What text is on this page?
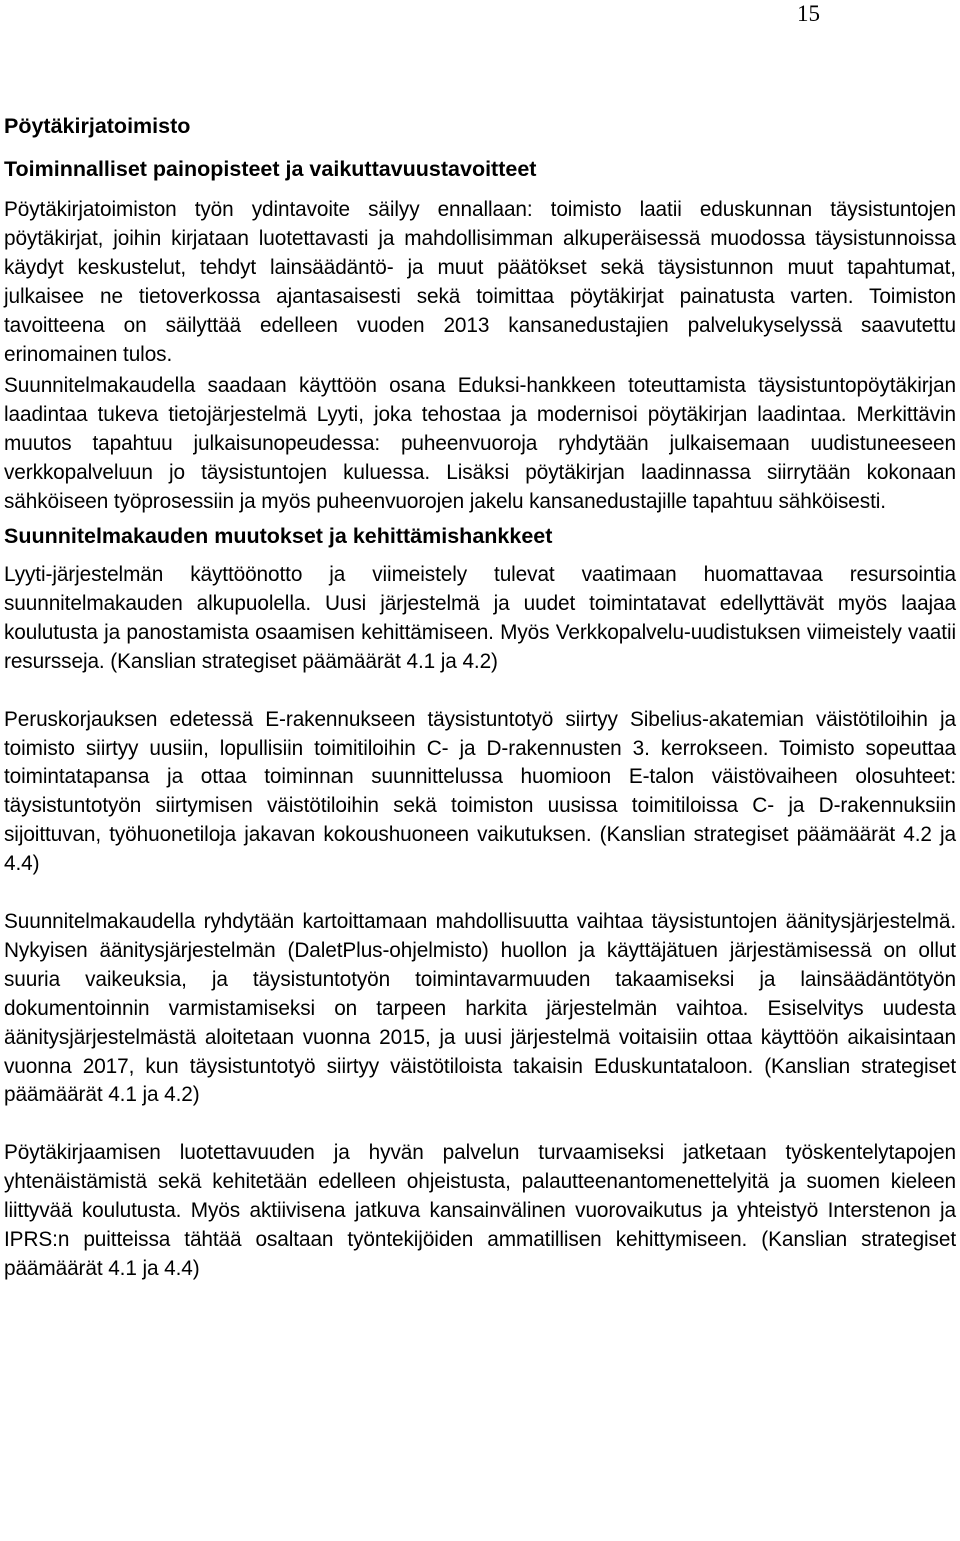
15
Pöytäkirjatoimisto
Toiminnalliset painopisteet ja vaikuttavuustavoitteet

Pöytäkirjatoimiston työn ydintavoite säilyy ennallaan: toimisto laatii eduskunnan täysistuntojen pöytäkirjat, joihin kirjataan luotettavasti ja mahdollisimman alkuperäisessä muodossa täysistunnoissa käydyt keskustelut, tehdyt lainsäädäntö- ja muut päätökset sekä täysistunnon muut tapahtumat, julkaisee ne tietoverkossa ajantasaisesti sekä toimittaa pöytäkirjat painatusta varten. Toimiston tavoitteena on säilyttää edelleen vuoden 2013 kansanedustajien palvelukyselyssä saavutettu erinomainen tulos.

Suunnitelmakaudella saadaan käyttöön osana Eduksi-hankkeen toteuttamista täysistuntopöytäkirjan laadintaa tukeva tietojärjestelmä Lyyti, joka tehostaa ja modernisoi pöytäkirjan laadintaa. Merkittävin muutos tapahtuu julkaisunopeudessa: puheenvuoroja ryhdytään julkaisemaan uudistuneeseen verkkopalveluun jo täysistuntojen kuluessa. Lisäksi pöytäkirjan laadinnassa siirrytään kokonaan sähköiseen työprosessiin ja myös puheenvuorojen jakelu kansanedustajille tapahtuu sähköisesti.

Suunnitelmakauden muutokset ja kehittämishankkeet

Lyyti-järjestelmän käyttöönotto ja viimeistely tulevat vaatimaan huomattavaa resursointia suunnitelmakauden alkupuolella. Uusi järjestelmä ja uudet toimintatavat edellyttävät myös laajaa koulutusta ja panostamista osaamisen kehittämiseen. Myös Verkkopalvelu-uudistuksen viimeistely vaatii resursseja. (Kanslian strategiset päämäärät 4.1 ja 4.2)

Peruskorjauksen edetessä E-rakennukseen täysistuntotyö siirtyy Sibelius-akatemian väistötiloihin ja toimisto siirtyy uusiin, lopullisiin toimitiloihin C- ja D-rakennusten 3. kerrokseen. Toimisto sopeuttaa toimintatapansa ja ottaa toiminnan suunnittelussa huomioon E-talon väistövaiheen olosuhteet: täysistuntotyön siirtymisen väistötiloihin sekä toimiston uusissa toimitiloissa C- ja D-rakennuksiin sijoittuvan, työhuonetiloja jakavan kokoushuoneen vaikutuksen. (Kanslian strategiset päämäärät 4.2 ja 4.4)

Suunnitelmakaudella ryhdytään kartoittamaan mahdollisuutta vaihtaa täysistuntojen äänitysjärjestelmä. Nykyisen äänitysjärjestelmän (DaletPlus-ohjelmisto) huollon ja käyttäjätuen järjestämisessä on ollut suuria vaikeuksia, ja täysistuntotyön toimintavarmuuden takaamiseksi ja lainsäädäntötyön dokumentoinnin varmistamiseksi on tarpeen harkita järjestelmän vaihtoa. Esiselvitys uudesta äänitysjärjestelmästä aloitetaan vuonna 2015, ja uusi järjestelmä voitaisiin ottaa käyttöön aikaisintaan vuonna 2017, kun täysistuntotyö siirtyy väistötiloista takaisin Eduskuntataloon. (Kanslian strategiset päämäärät 4.1 ja 4.2)

Pöytäkirjaamisen luotettavuuden ja hyvän palvelun turvaamiseksi jatketaan työskentelytapojen yhtenäistämistä sekä kehitetään edelleen ohjeistusta, palautteenantomenettelyitä ja suomen kieleen liittyvää koulutusta. Myös aktiivisena jatkuva kansainvälinen vuorovaikutus ja yhteistyö Interstenon ja IPRS:n puitteissa tähtää osaltaan työntekijöiden ammatillisen kehittymiseen. (Kanslian strategiset päämäärät 4.1 ja 4.4)
